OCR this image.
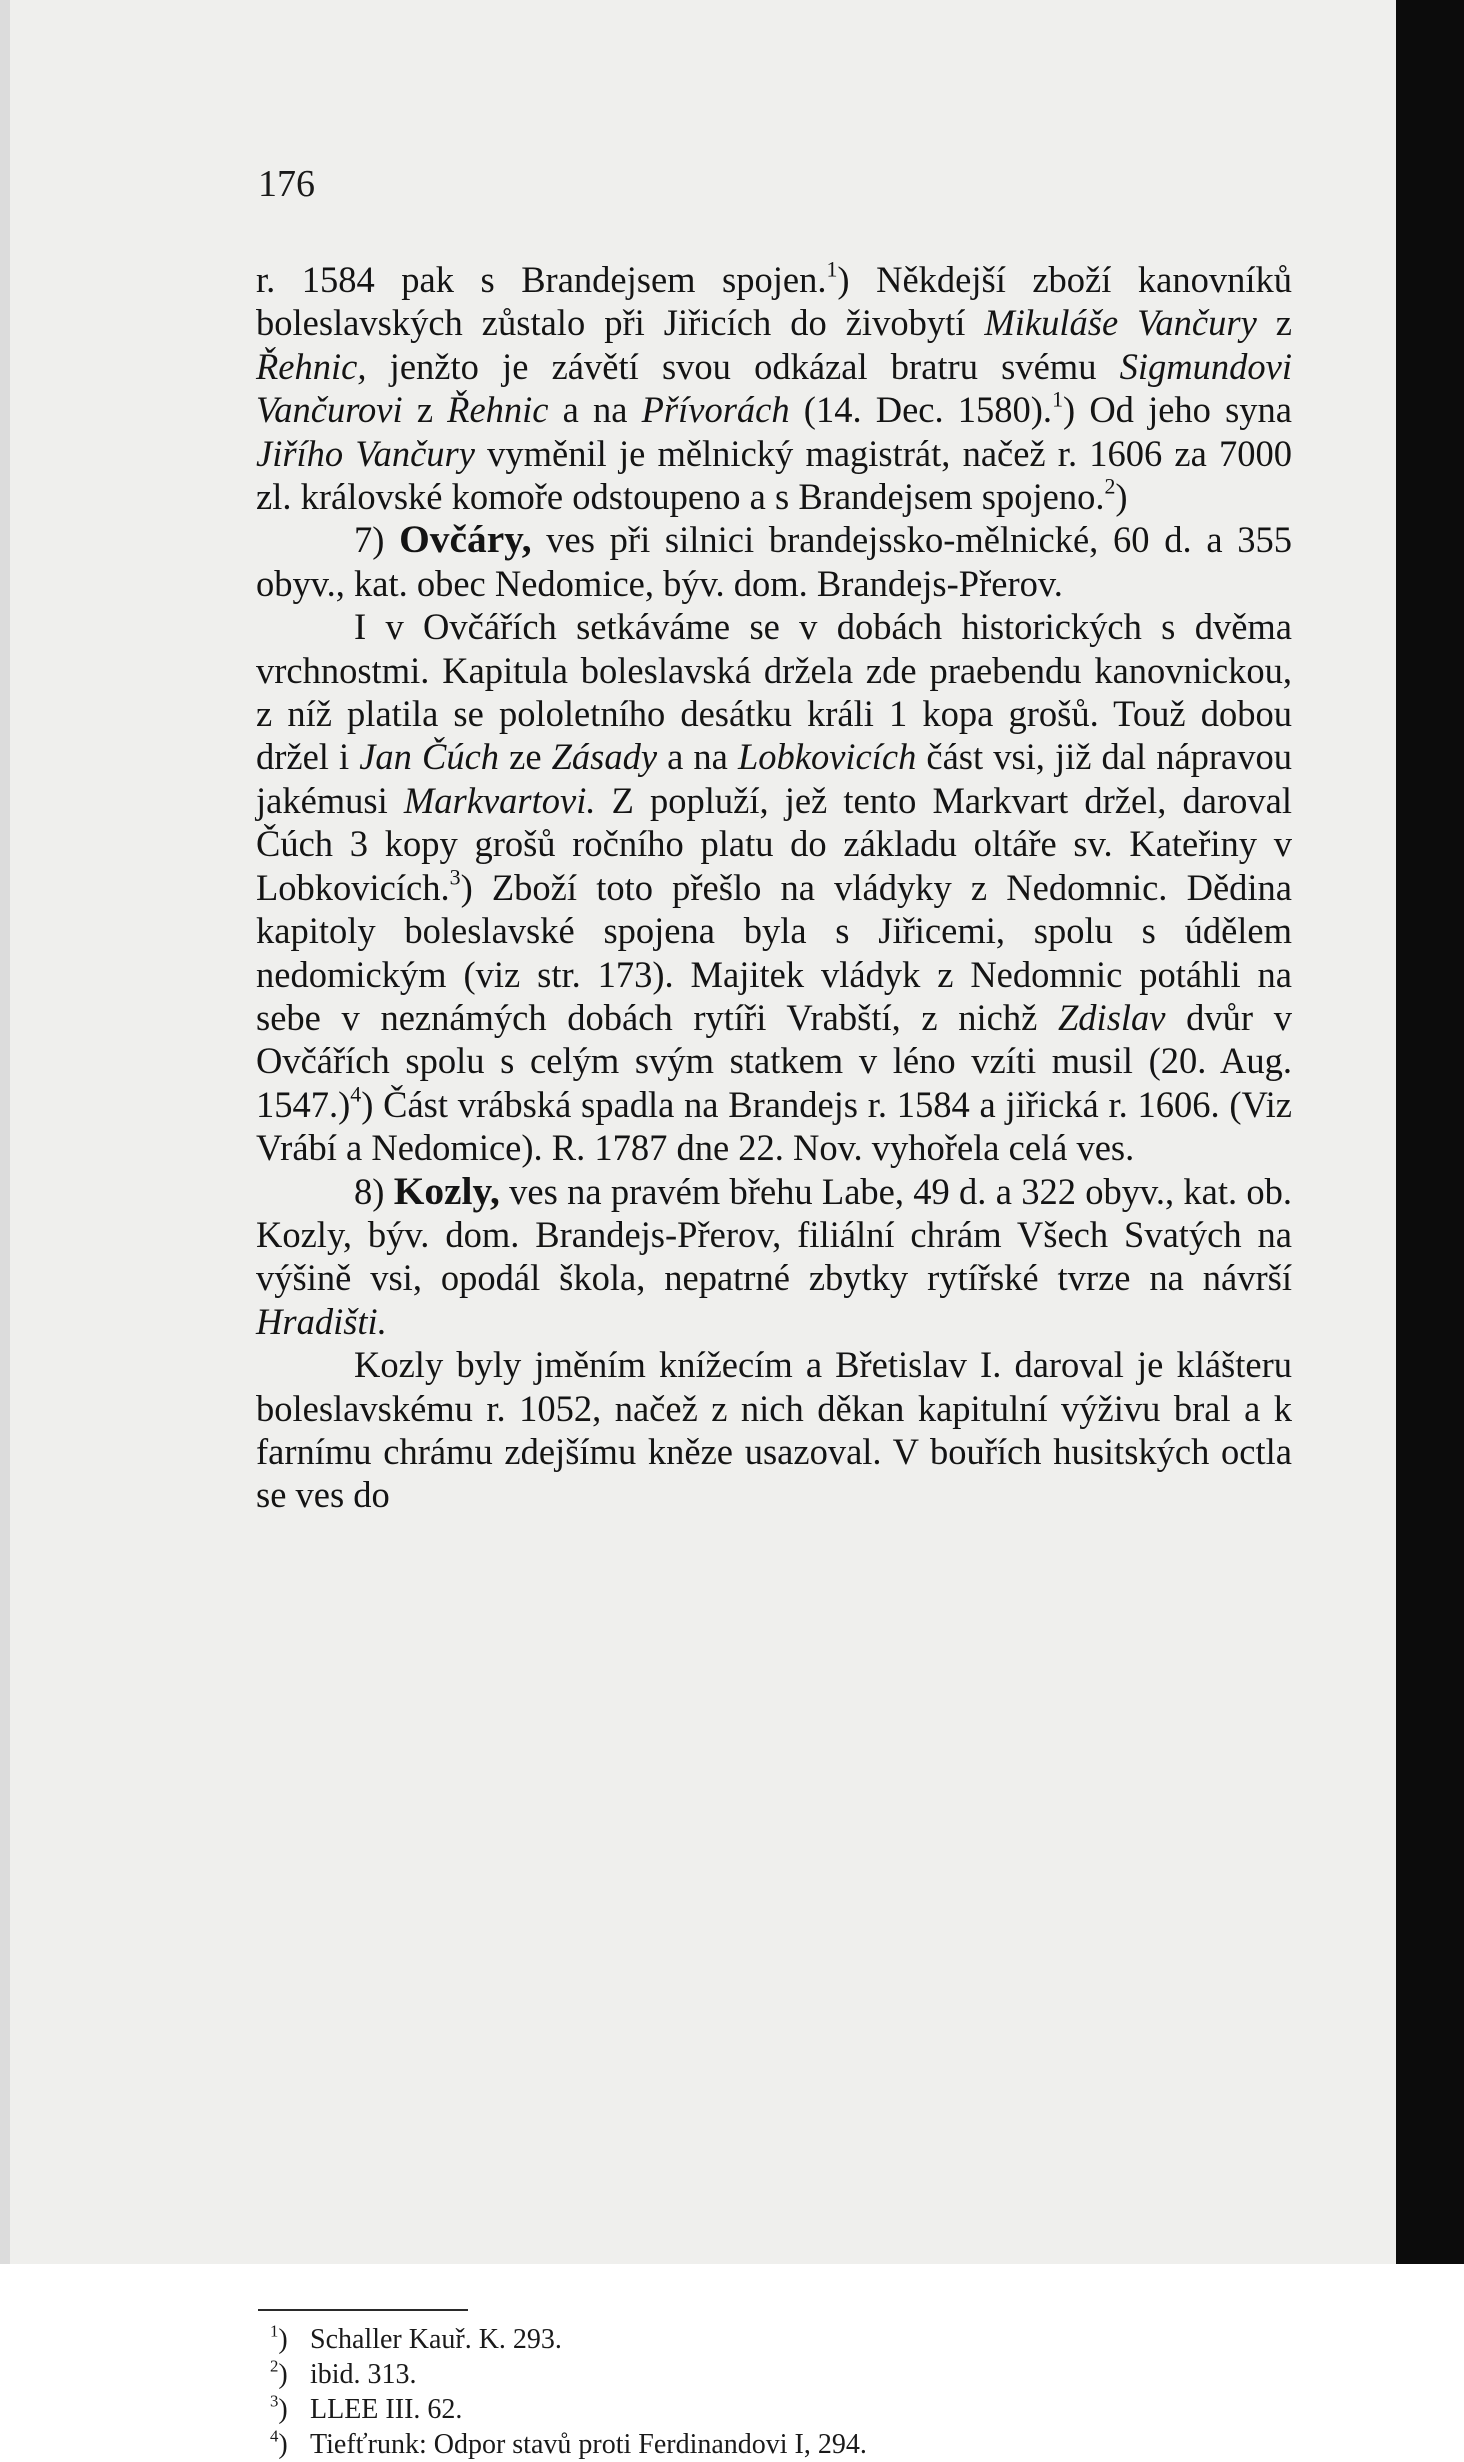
176

r. 1584 pak s Brandejsem spojen.$^1$) Někdejší zboží kanovníků boleslavských zůstalo při Jiřicích do živobytí Mikuláše Vančury z Řehnic, jenžto je závětí svou odkázal bratru svému Sigmundovi Vančurovi z Řehnic a na Přívorách (14. Dec. 1580).$^1$) Od jeho syna Jiřího Vančury vyměnil je mělnický magistrát, načež r. 1606 za 7000 zl. královské komoře odstoupeno a s Brandejsem spojeno.$^2$)

7) Ovčáry, ves při silnici brandejssko-mělnické, 60 d. a 355 obyv., kat. obec Nedomice, býv. dom. Brandejs-Přerov.

I v Ovčářích setkáváme se v dobách historických s dvěma vrchnostmi. Kapitula boleslavská držela zde praebendu kanovnickou, z níž platila se pololetního desátku králi 1 kopa grošů. Touž dobou držel i Jan Čúch ze Zásady a na Lobkovicích část vsi, již dal nápravou jakémusi Markvartovi. Z popluží, jež tento Markvart držel, daroval Čúch 3 kopy grošů ročního platu do základu oltáře sv. Kateřiny v Lobkovicích.$^3$) Zboží toto přešlo na vládyky z Nedomnic. Dědina kapitoly boleslavské spojena byla s Jiřicemi, spolu s údělem nedomickým (viz str. 173). Majitek vládyk z Nedomnic potáhli na sebe v neznámých dobách rytíři Vrabští, z nichž Zdislav dvůr v Ovčářích spolu s celým svým statkem v léno vzíti musil (20. Aug. 1547.)$^4$) Část vrábská spadla na Brandejs r. 1584 a jiřická r. 1606. (Viz Vrábí a Nedomice). R. 1787 dne 22. Nov. vyhořela celá ves.

8) Kozly, ves na pravém břehu Labe, 49 d. a 322 obyv., kat. ob. Kozly, býv. dom. Brandejs-Přerov, filiální chrám Všech Svatých na výšině vsi, opodál škola, nepatrné zbytky rytířské tvrze na návrší Hradišti.

Kozly byly jměním knížecím a Břetislav I. daroval je klášteru boleslavskému r. 1052, načež z nich děkan kapitulní výživu bral a k farnímu chrámu zdejšímu kněze usazoval. V bouřích husitských octla se ves do

$^1$) Schaller Kauř. K. 293.
$^2$) ibid. 313.
$^3$) LLEE III. 62.
$^4$) Tiefťrunk: Odpor stavů proti Ferdinandovi I, 294.
